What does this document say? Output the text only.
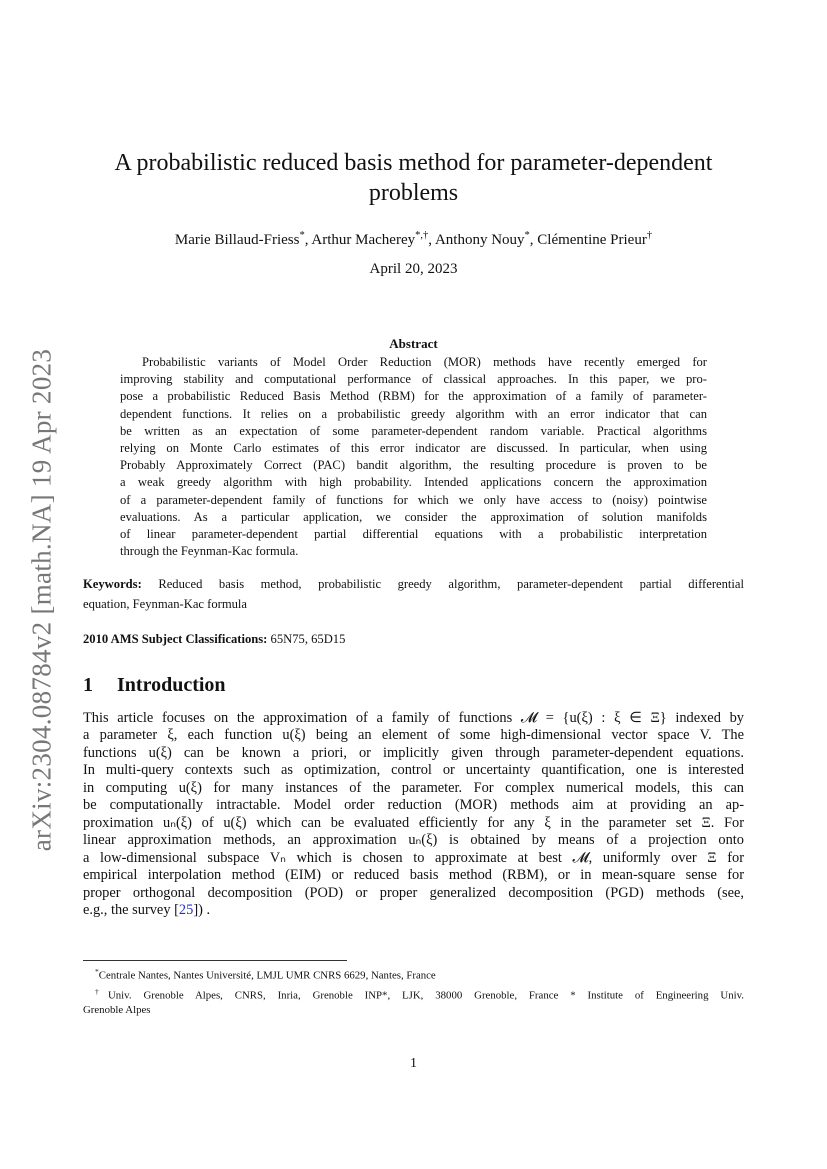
arXiv:2304.08784v2 [math.NA] 19 Apr 2023
A probabilistic reduced basis method for parameter-dependent
problems
Marie Billaud-Friess*, Arthur Macherey*,†, Anthony Nouy*, Clémentine Prieur†
April 20, 2023
Abstract
Probabilistic variants of Model Order Reduction (MOR) methods have recently emerged for
improving stability and computational performance of classical approaches. In this paper, we pro-
pose a probabilistic Reduced Basis Method (RBM) for the approximation of a family of parameter-
dependent functions. It relies on a probabilistic greedy algorithm with an error indicator that can
be written as an expectation of some parameter-dependent random variable. Practical algorithms
relying on Monte Carlo estimates of this error indicator are discussed. In particular, when using
Probably Approximately Correct (PAC) bandit algorithm, the resulting procedure is proven to be
a weak greedy algorithm with high probability. Intended applications concern the approximation
of a parameter-dependent family of functions for which we only have access to (noisy) pointwise
evaluations. As a particular application, we consider the approximation of solution manifolds
of linear parameter-dependent partial differential equations with a probabilistic interpretation
through the Feynman-Kac formula.
Keywords: Reduced basis method, probabilistic greedy algorithm, parameter-dependent partial differential
equation, Feynman-Kac formula
2010 AMS Subject Classifications: 65N75, 65D15
1 Introduction
This article focuses on the approximation of a family of functions 𝓜 = {u(ξ) : ξ ∈ Ξ} indexed by
a parameter ξ, each function u(ξ) being an element of some high-dimensional vector space V. The
functions u(ξ) can be known a priori, or implicitly given through parameter-dependent equations.
In multi-query contexts such as optimization, control or uncertainty quantification, one is interested
in computing u(ξ) for many instances of the parameter. For complex numerical models, this can
be computationally intractable. Model order reduction (MOR) methods aim at providing an ap-
proximation uₙ(ξ) of u(ξ) which can be evaluated efficiently for any ξ in the parameter set Ξ. For
linear approximation methods, an approximation uₙ(ξ) is obtained by means of a projection onto
a low-dimensional subspace Vₙ which is chosen to approximate at best 𝓜, uniformly over Ξ for
empirical interpolation method (EIM) or reduced basis method (RBM), or in mean-square sense for
proper orthogonal decomposition (POD) or proper generalized decomposition (PGD) methods (see,
e.g., the survey [25]) .
*Centrale Nantes, Nantes Université, LMJL UMR CNRS 6629, Nantes, France
†Univ. Grenoble Alpes, CNRS, Inria, Grenoble INP*, LJK, 38000 Grenoble, France * Institute of Engineering Univ.
Grenoble Alpes
1
